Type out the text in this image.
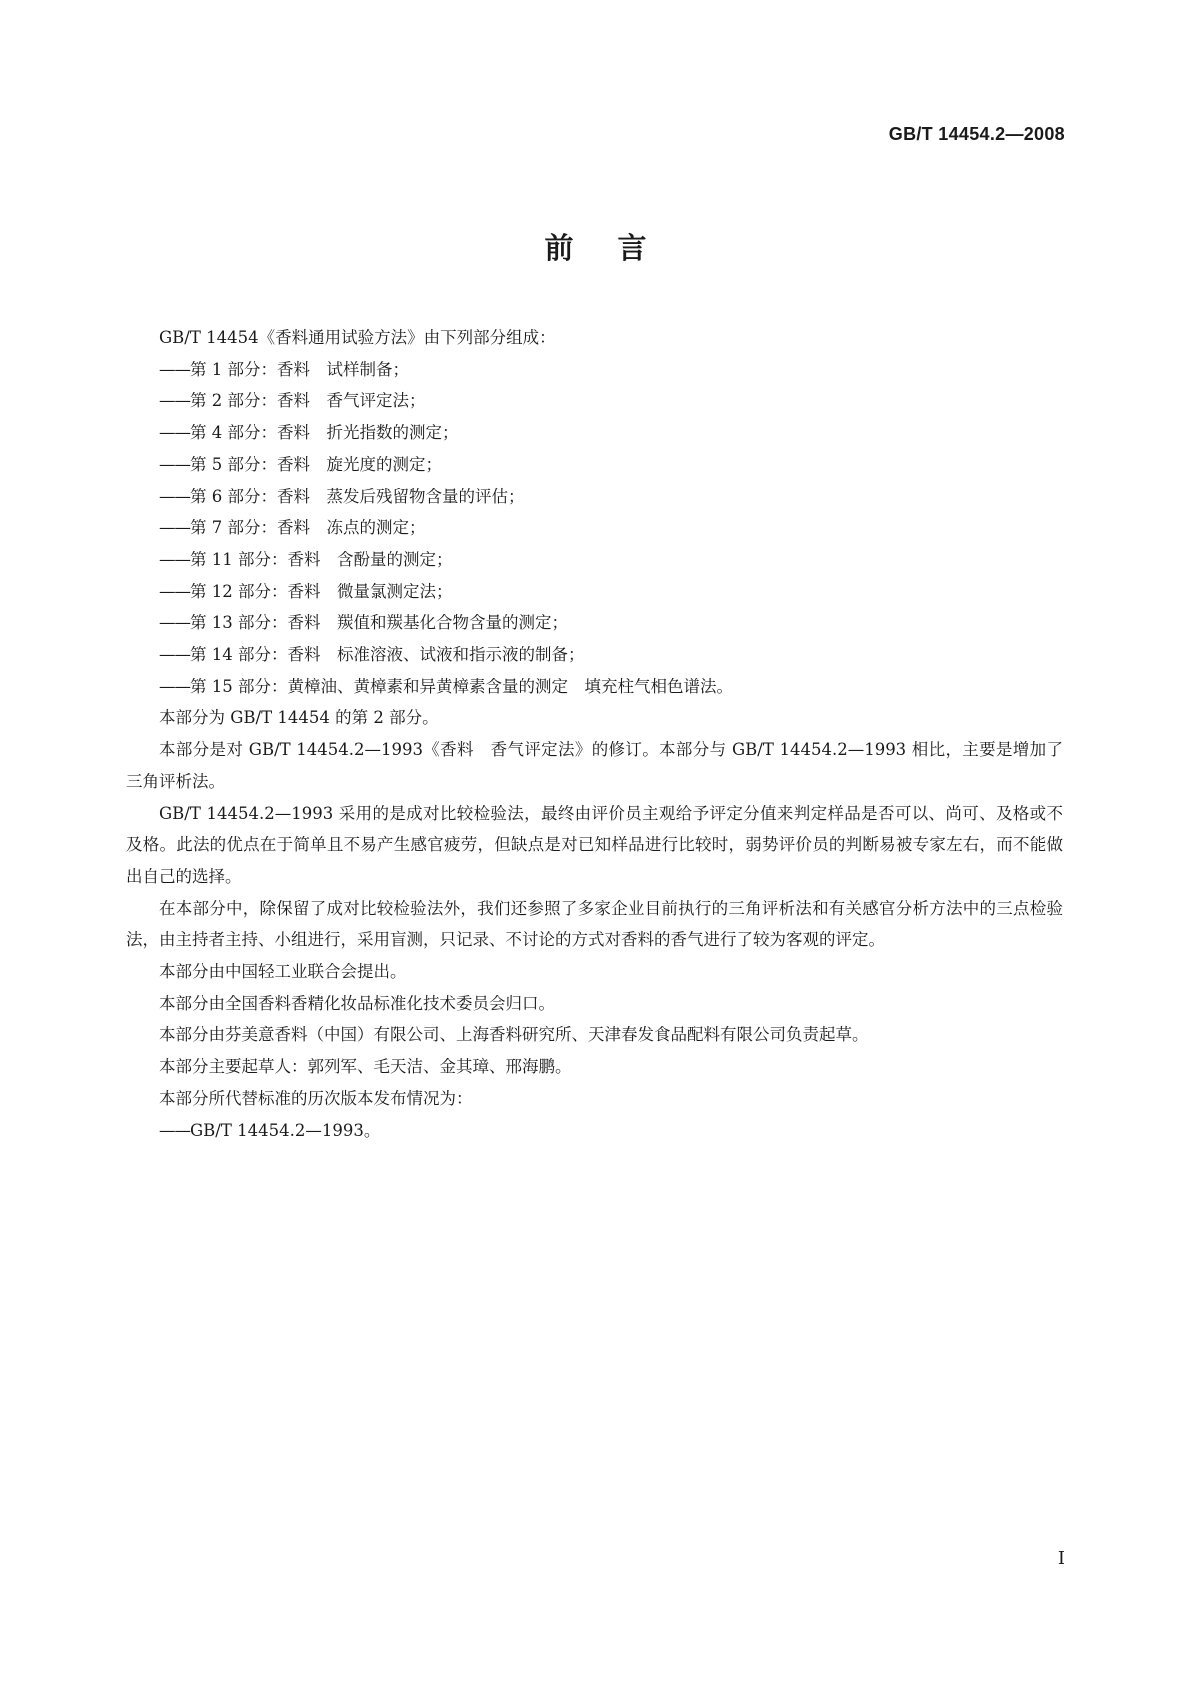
GB/T 14454.2—2008
前言

GB/T 14454《香料通用试验方法》由下列部分组成：

——第 1 部分：香料　试样制备；
——第 2 部分：香料　香气评定法；
——第 4 部分：香料　折光指数的测定；
——第 5 部分：香料　旋光度的测定；
——第 6 部分：香料　蒸发后残留物含量的评估；
——第 7 部分：香料　冻点的测定；
——第 11 部分：香料　含酚量的测定；
——第 12 部分：香料　微量氯测定法；
——第 13 部分：香料　羰值和羰基化合物含量的测定；
——第 14 部分：香料　标准溶液、试液和指示液的制备；
——第 15 部分：黄樟油、黄樟素和异黄樟素含量的测定　填充柱气相色谱法。

本部分为 GB/T 14454 的第 2 部分。

本部分是对 GB/T 14454.2—1993《香料　香气评定法》的修订。本部分与 GB/T 14454.2—1993 相比，主要是增加了三角评析法。

GB/T 14454.2—1993 采用的是成对比较检验法，最终由评价员主观给予评定分值来判定样品是否可以、尚可、及格或不及格。此法的优点在于简单且不易产生感官疲劳，但缺点是对已知样品进行比较时，弱势评价员的判断易被专家左右，而不能做出自己的选择。

在本部分中，除保留了成对比较检验法外，我们还参照了多家企业目前执行的三角评析法和有关感官分析方法中的三点检验法，由主持者主持、小组进行，采用盲测，只记录、不讨论的方式对香料的香气进行了较为客观的评定。

本部分由中国轻工业联合会提出。

本部分由全国香料香精化妆品标准化技术委员会归口。

本部分由芬美意香料（中国）有限公司、上海香料研究所、天津春发食品配料有限公司负责起草。

本部分主要起草人：郭列军、毛天洁、金其璋、邢海鹏。

本部分所代替标准的历次版本发布情况为：

——GB/T 14454.2—1993。
I
